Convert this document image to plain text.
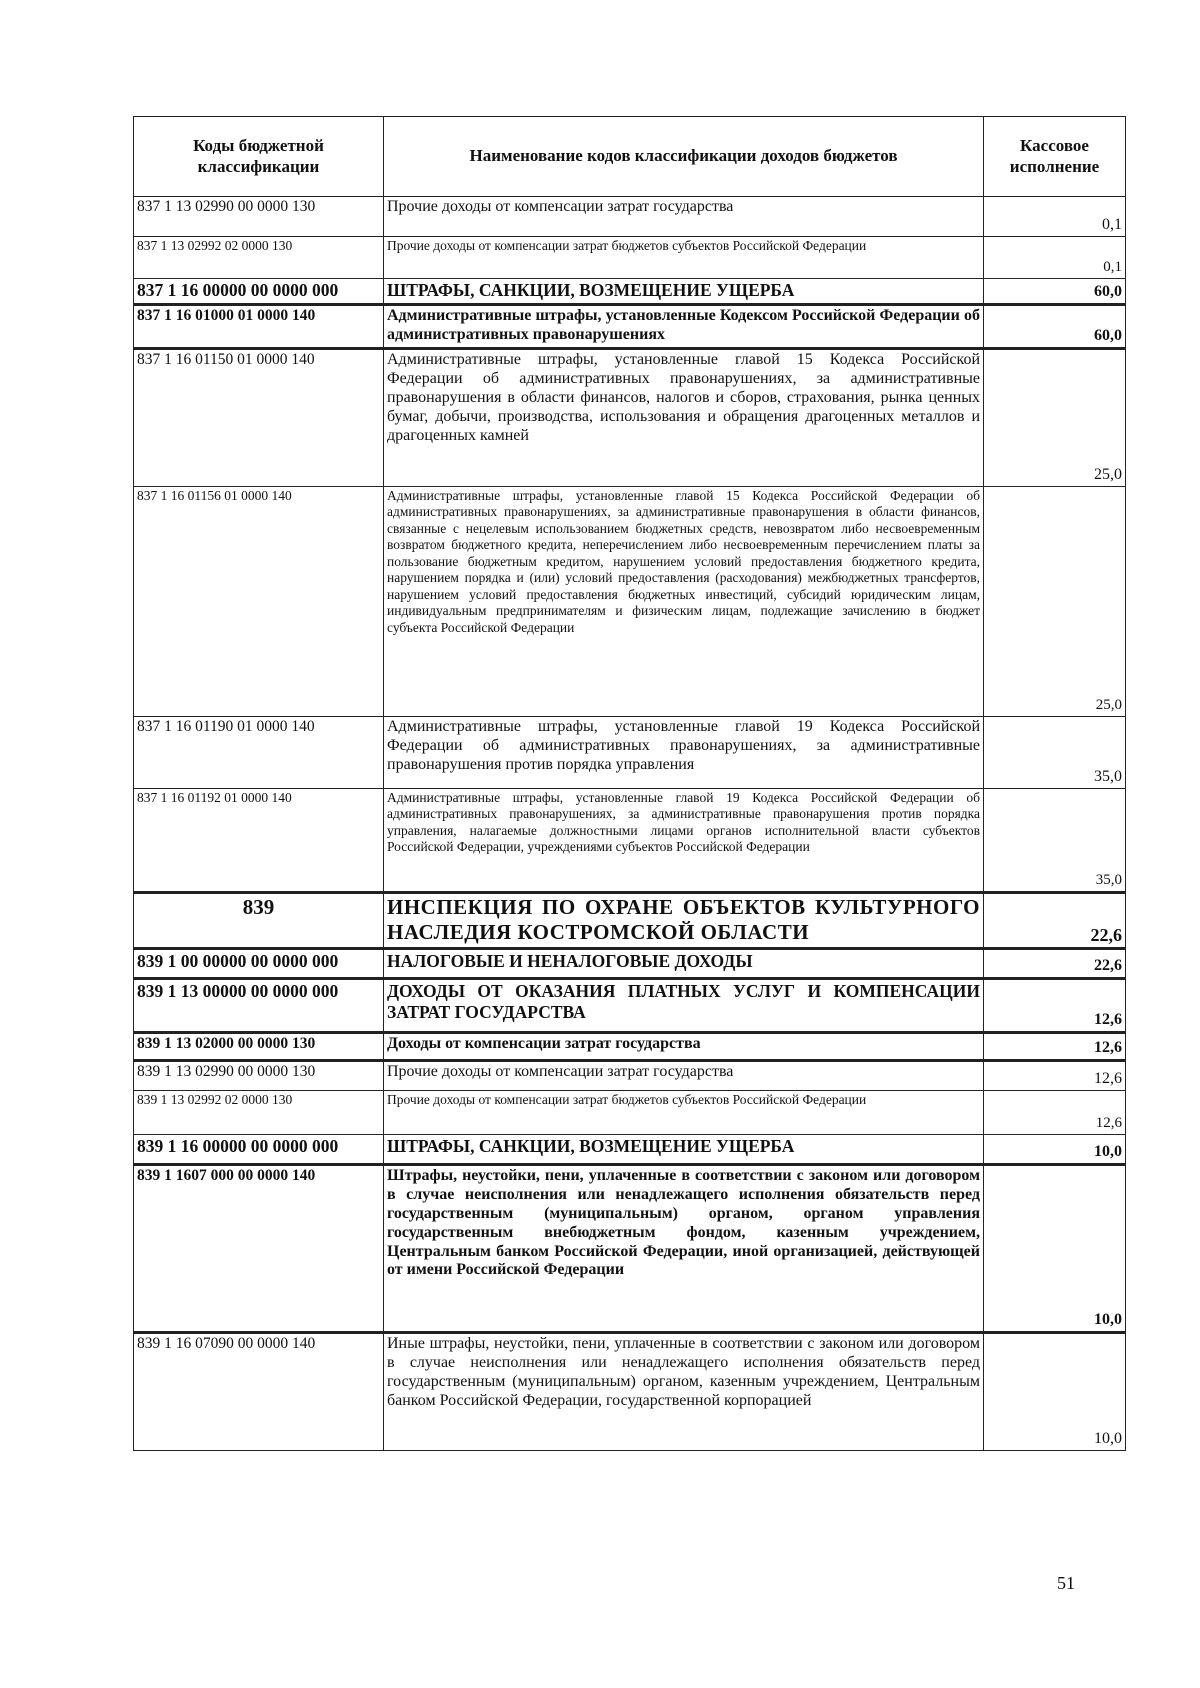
Коды бюджетной классификации	Наименование кодов классификации доходов бюджетов	Кассовое исполнение
837 1 13 02990 00 0000 130	Прочие доходы от компенсации затрат государства	0,1
837 1 13 02992 02 0000 130	Прочие доходы от компенсации затрат бюджетов субъектов Российской Федерации	0,1
837 1 16 00000 00 0000 000	ШТРАФЫ, САНКЦИИ, ВОЗМЕЩЕНИЕ УЩЕРБА	60,0
837 1 16 01000 01 0000 140	Административные штрафы, установленные Кодексом Российской Федерации об административных правонарушениях	60,0
837 1 16 01150 01 0000 140	Административные штрафы, установленные главой 15 Кодекса Российской Федерации об административных правонарушениях, за административные правонарушения в области финансов, налогов и сборов, страхования, рынка ценных бумаг, добычи, производства, использования и обращения драгоценных металлов и драгоценных камней	25,0
837 1 16 01156 01 0000 140	Административные штрафы, установленные главой 15 Кодекса Российской Федерации об административных правонарушениях, за административные правонарушения в области финансов, связанные с нецелевым использованием бюджетных средств, невозвратом либо несвоевременным возвратом бюджетного кредита, неперечислением либо несвоевременным перечислением платы за пользование бюджетным кредитом, нарушением условий предоставления бюджетного кредита, нарушением порядка и (или) условий предоставления (расходования) межбюджетных трансфертов, нарушением условий предоставления бюджетных инвестиций, субсидий юридическим лицам, индивидуальным предпринимателям и физическим лицам, подлежащие зачислению в бюджет субъекта Российской Федерации	25,0
837 1 16 01190 01 0000 140	Административные штрафы, установленные главой 19 Кодекса Российской Федерации об административных правонарушениях, за административные правонарушения против порядка управления	35,0
837 1 16 01192 01 0000 140	Административные штрафы, установленные главой 19 Кодекса Российской Федерации об административных правонарушениях, за административные правонарушения против порядка управления, налагаемые должностными лицами органов исполнительной власти субъектов Российской Федерации, учреждениями субъектов Российской Федерации	35,0
839	ИНСПЕКЦИЯ ПО ОХРАНЕ ОБЪЕКТОВ КУЛЬТУРНОГО НАСЛЕДИЯ КОСТРОМСКОЙ ОБЛАСТИ	22,6
839 1 00 00000 00 0000 000	НАЛОГОВЫЕ И НЕНАЛОГОВЫЕ ДОХОДЫ	22,6
839 1 13 00000 00 0000 000	ДОХОДЫ ОТ ОКАЗАНИЯ ПЛАТНЫХ УСЛУГ И КОМПЕНСАЦИИ ЗАТРАТ ГОСУДАРСТВА	12,6
839 1 13 02000 00 0000 130	Доходы от компенсации затрат государства	12,6
839 1 13 02990 00 0000 130	Прочие доходы от компенсации затрат государства	12,6
839 1 13 02992 02 0000 130	Прочие доходы от компенсации затрат бюджетов субъектов Российской Федерации	12,6
839 1 16 00000 00 0000 000	ШТРАФЫ, САНКЦИИ, ВОЗМЕЩЕНИЕ УЩЕРБА	10,0
839 1 1607 000 00 0000 140	Штрафы, неустойки, пени, уплаченные в соответствии с законом или договором в случае неисполнения или ненадлежащего исполнения обязательств перед государственным (муниципальным) органом, органом управления государственным внебюджетным фондом, казенным учреждением, Центральным банком Российской Федерации, иной организацией, действующей от имени Российской Федерации	10,0
839 1 16 07090 00 0000 140	Иные штрафы, неустойки, пени, уплаченные в соответствии с законом или договором в случае неисполнения или ненадлежащего исполнения обязательств перед государственным (муниципальным) органом, казенным учреждением, Центральным банком Российской Федерации, государственной корпорацией	10,0
51
